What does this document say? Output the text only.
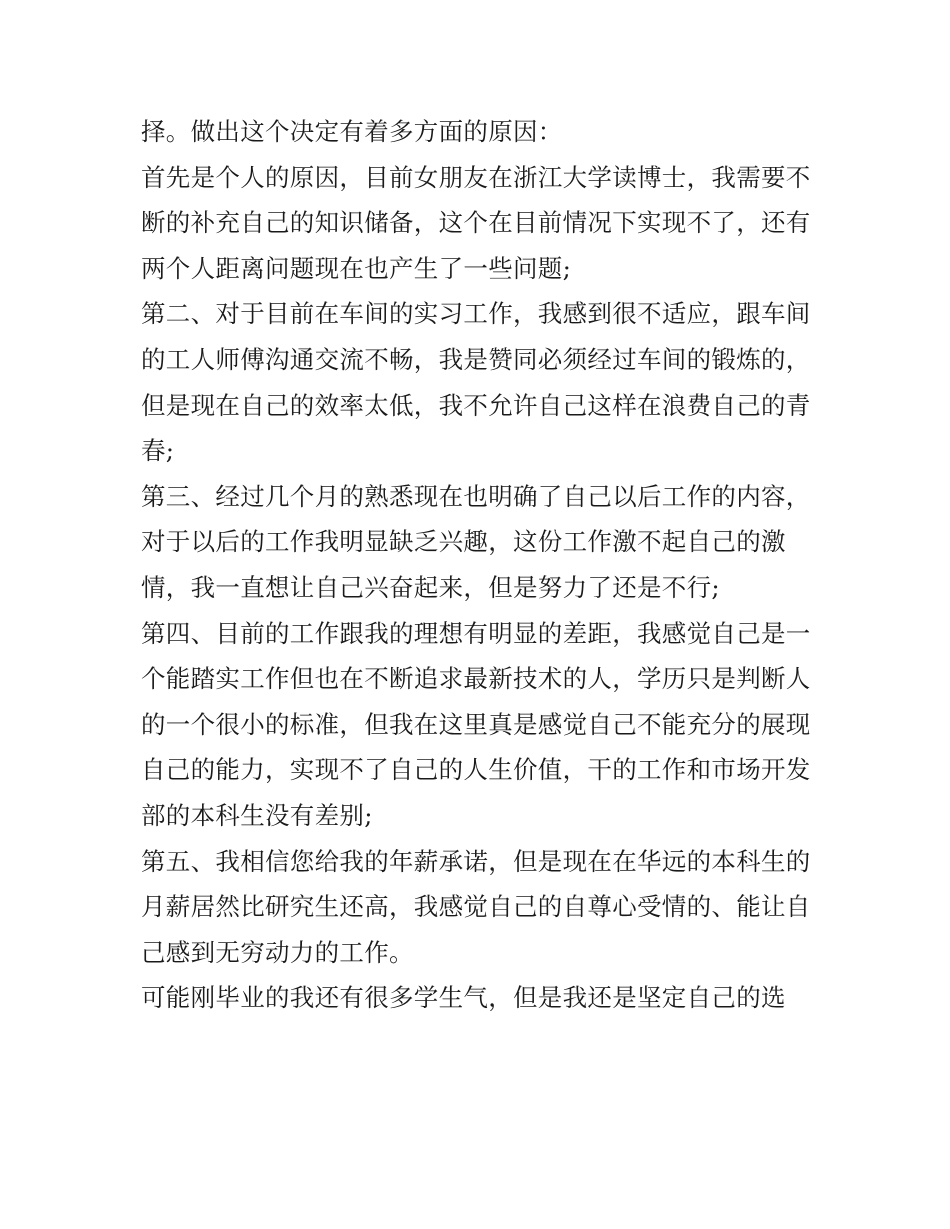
择。做出这个决定有着多方面的原因：
首先是个人的原因，目前女朋友在浙江大学读博士，我需要不
断的补充自己的知识储备，这个在目前情况下实现不了，还有
两个人距离问题现在也产生了一些问题;
第二、对于目前在车间的实习工作，我感到很不适应，跟车间
的工人师傅沟通交流不畅，我是赞同必须经过车间的锻炼的，
但是现在自己的效率太低，我不允许自己这样在浪费自己的青
春;
第三、经过几个月的熟悉现在也明确了自己以后工作的内容，
对于以后的工作我明显缺乏兴趣，这份工作激不起自己的激
情，我一直想让自己兴奋起来，但是努力了还是不行;
第四、目前的工作跟我的理想有明显的差距，我感觉自己是一
个能踏实工作但也在不断追求最新技术的人，学历只是判断人
的一个很小的标准，但我在这里真是感觉自己不能充分的展现
自己的能力，实现不了自己的人生价值，干的工作和市场开发
部的本科生没有差别;
第五、我相信您给我的年薪承诺，但是现在在华远的本科生的
月薪居然比研究生还高，我感觉自己的自尊心受情的、能让自
己感到无穷动力的工作。
可能刚毕业的我还有很多学生气，但是我还是坚定自己的选
